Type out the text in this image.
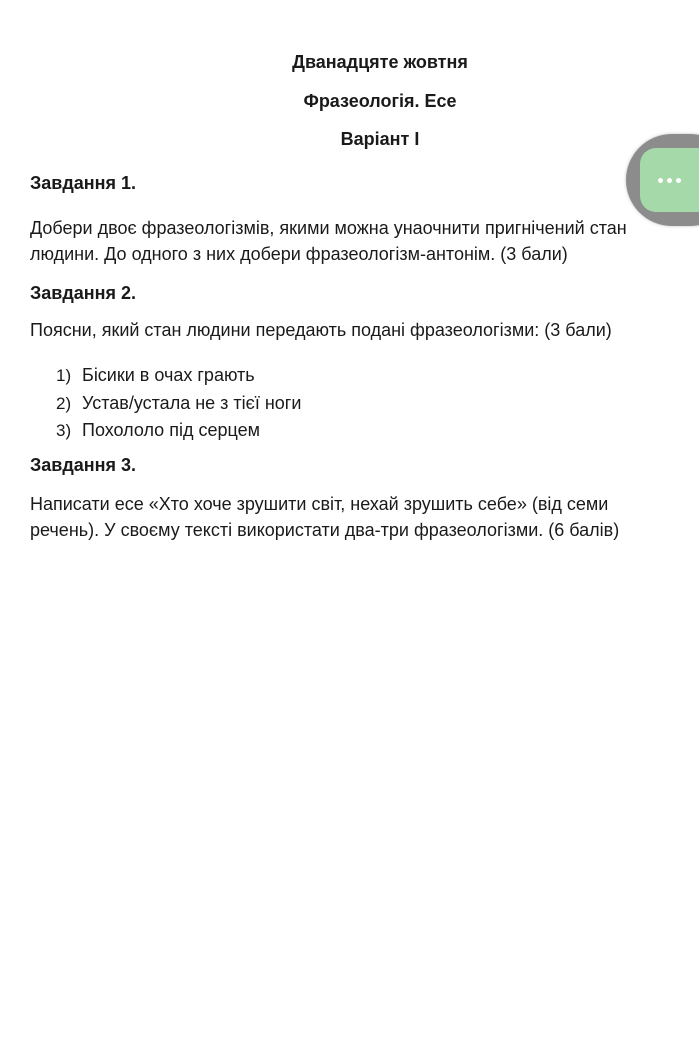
Дванадцяте жовтня
Фразеологія. Есе
Варіант І
Завдання 1.
Добери двоє фразеологізмів, якими можна унаочнити пригнічений стан
людини. До одного з них добери фразеологізм-антонім. (3 бали)
Завдання 2.
Поясни, який стан людини передають подані фразеологізми: (3 бали)
1) Бісики в очах грають
2) Устав/устала не з тієї ноги
3) Похололо під серцем
Завдання 3.
Написати есе «Хто хоче зрушити світ, нехай зрушить себе» (від семи
речень). У своєму тексті використати два-три фразеологізми. (6 балів)
